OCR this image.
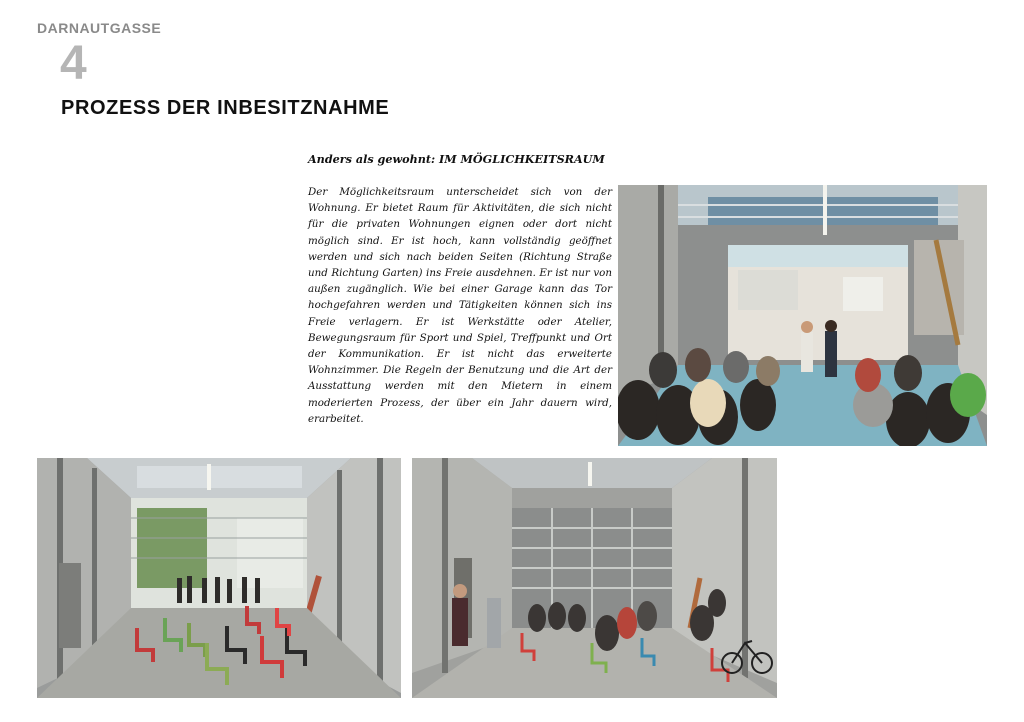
DARNAUTGASSE
4
PROZESS DER INBESITZNAHME
Anders als gewohnt: IM MÖGLICHKEITSRAUM

Der Möglichkeitsraum unterscheidet sich von der Wohnung. Er bietet Raum für Aktivitäten, die sich nicht für die privaten Wohnungen eignen oder dort nicht möglich sind. Er ist hoch, kann vollständig geöffnet werden und sich nach beiden Seiten (Richtung Straße und Richtung Garten) ins Freie ausdehnen. Er ist nur von außen zugänglich. Wie bei einer Garage kann das Tor hochgefahren werden und Tätigkeiten können sich ins Freie verlagern. Er ist Werkstätte oder Atelier, Bewegungsraum für Sport und Spiel, Treffpunkt und Ort der Kommunikation. Er ist nicht das erweiterte Wohnzimmer. Die Regeln der Benutzung und die Art der Ausstattung werden mit den Mietern in einem moderierten Prozess, der über ein Jahr dauern wird, erarbeitet.
